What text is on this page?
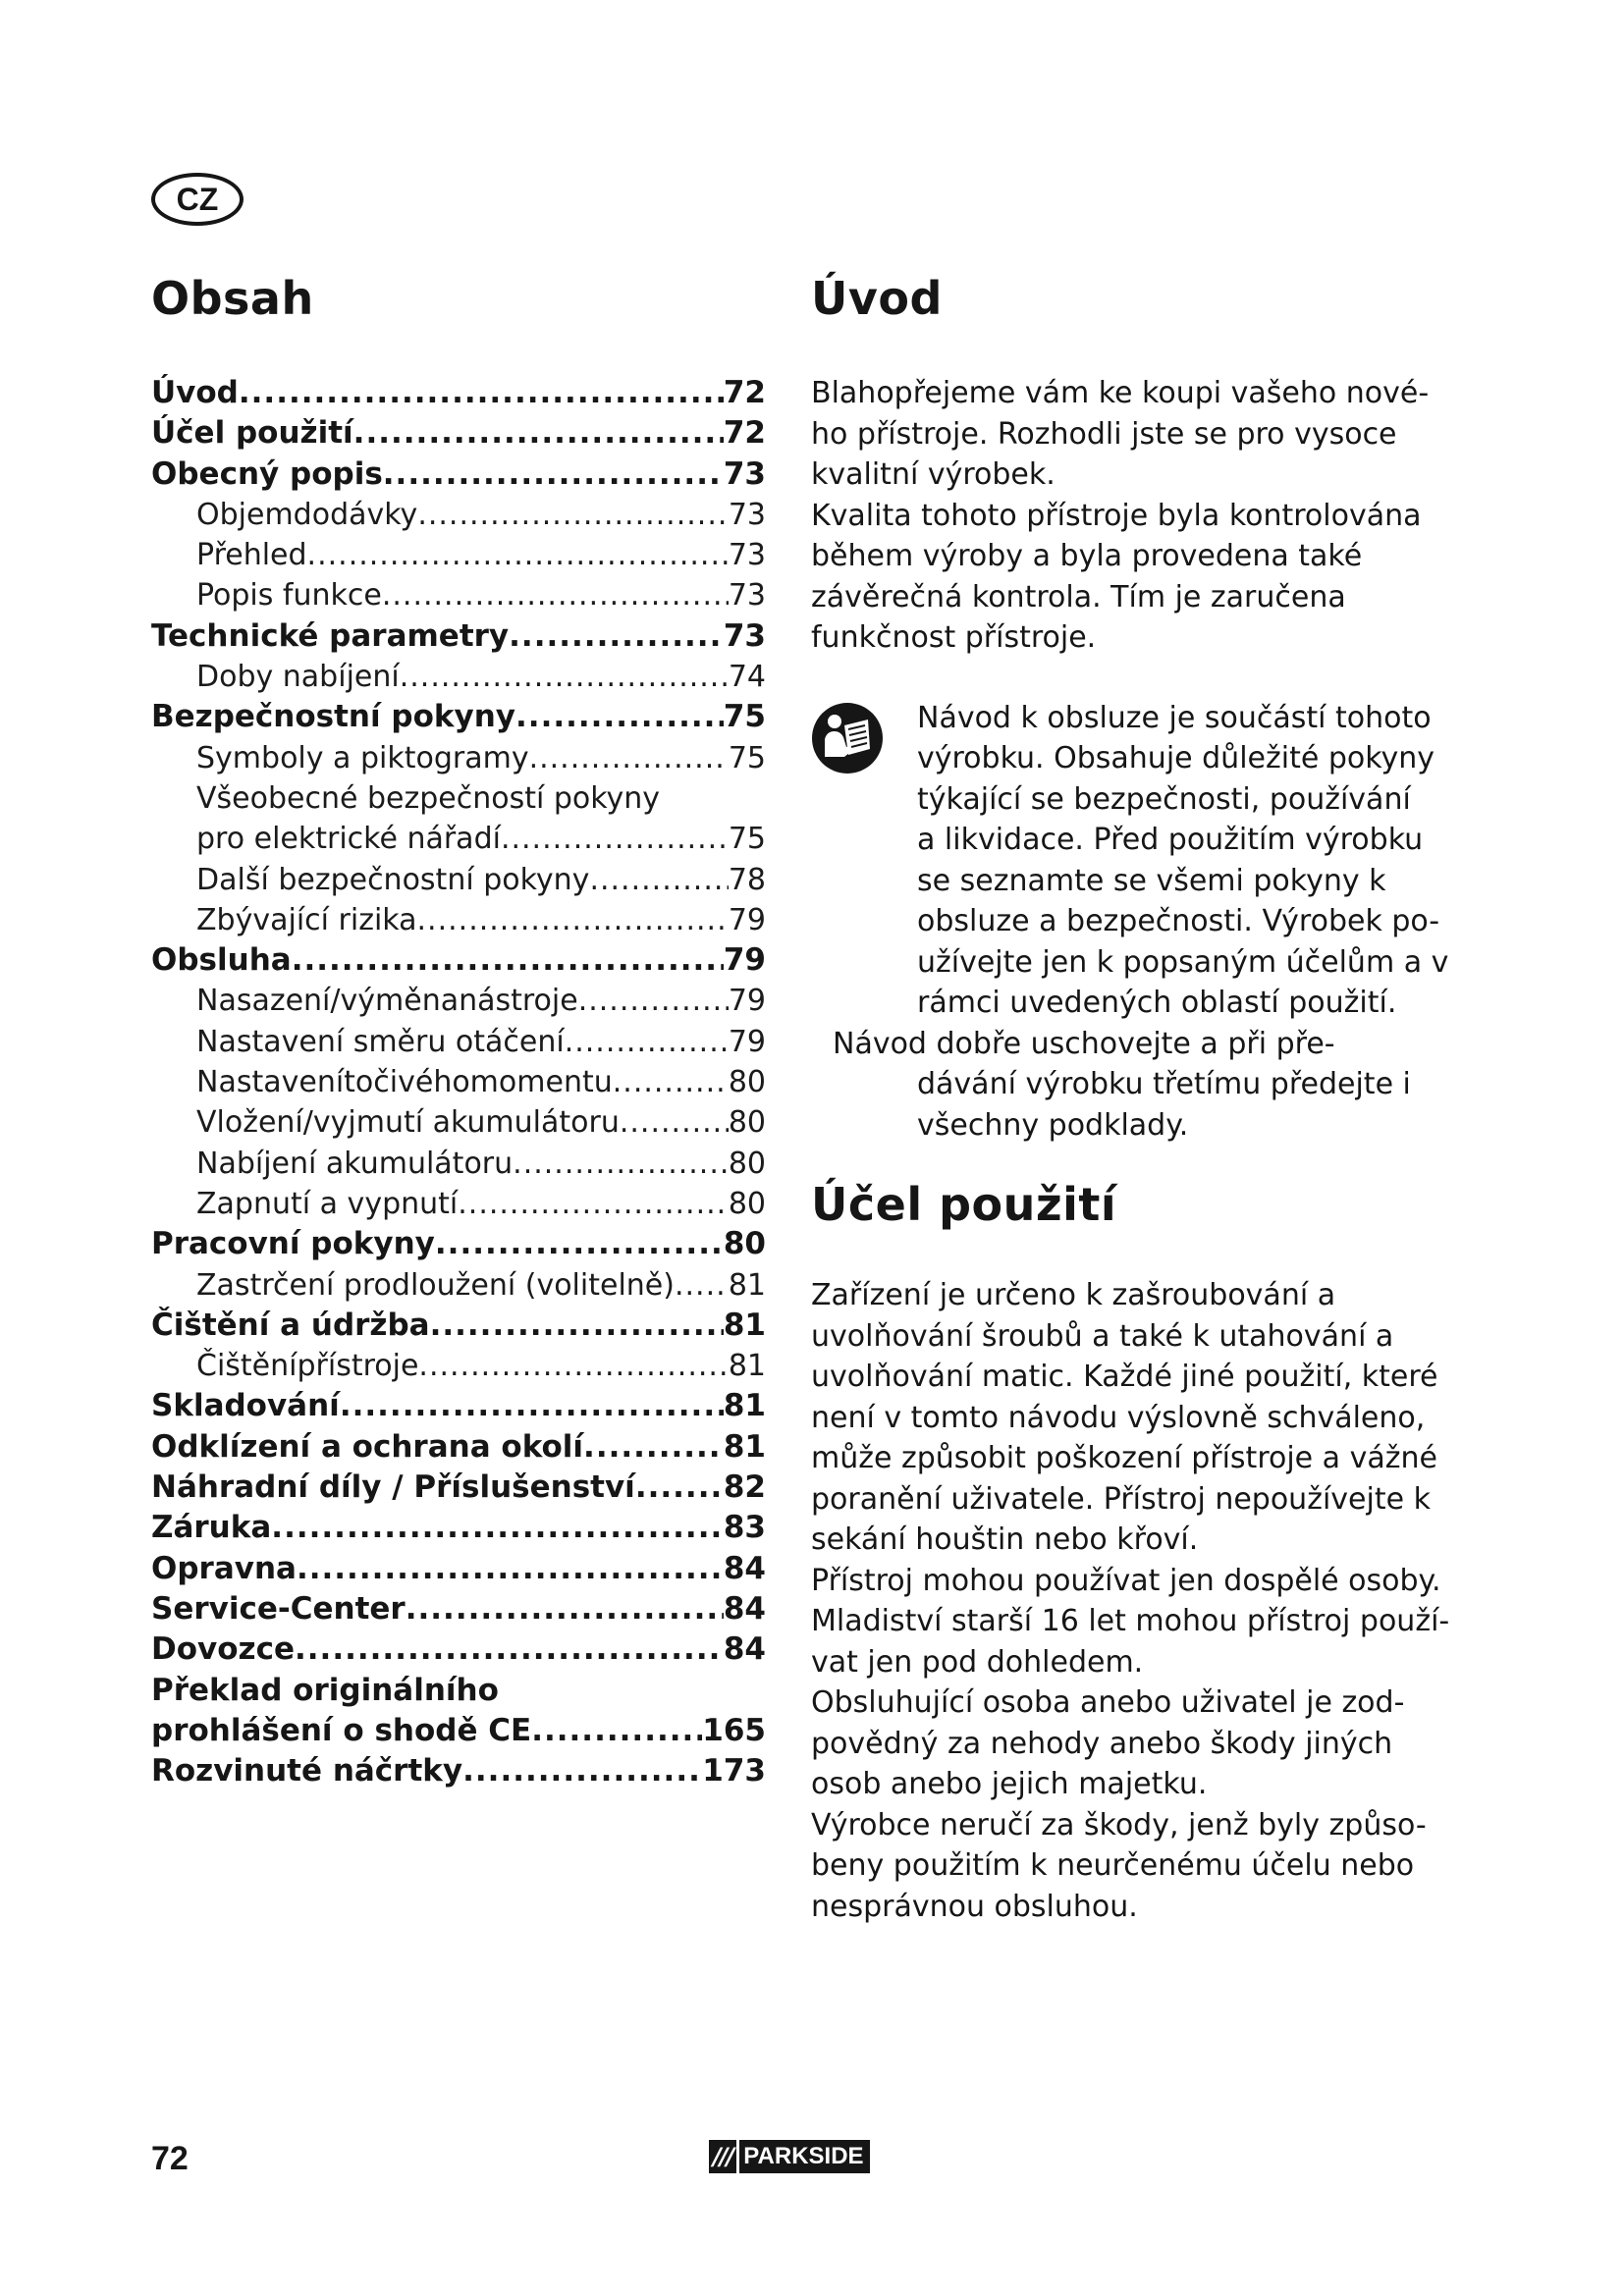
CZ
Obsah
Úvod .....	72
Účel použití .....	72
Obecný popis .....	73
Objemdodávky .....	73
Přehled .....	73
Popis funkce .....	73
Technické parametry .....	73
Doby nabíjení .....	74
Bezpečnostní pokyny .....	75
Symboly a piktogramy .....	75
Všeobecné bezpečností pokyny
pro elektrické nářadí .....	75
Další bezpečnostní pokyny .....	78
Zbývající rizika .....	79
Obsluha .....	79
Nasazení/výměnanástroje .....	79
Nastavení směru otáčení .....	79
Nastavenítočivéhomomentu .....	80
Vložení/vyjmutí akumulátoru .....	80
Nabíjení akumulátoru .....	80
Zapnutí a vypnutí .....	80
Pracovní pokyny .....	80
Zastrčení prodloužení (volitelně) ..... 81
Čištění a údržba .....	81
Čištěnípřístroje .....	81
Skladování .....	81
Odklízení a ochrana okolí .....	81
Náhradní díly / Příslušenství .....	82
Záruka .....	83
Opravna .....	84
Service-Center .....	84
Dovozce .....	84
Překlad originálního
prohlášení o shodě CE .....	165
Rozvinuté náčrtky .....	173
Úvod

Blahopřejeme vám ke koupi vašeho nové-
ho přístroje. Rozhodli jste se pro vysoce
kvalitní výrobek.
Kvalita tohoto přístroje byla kontrolována
během výroby a byla provedena také
závěrečná kontrola. Tím je zaručena
funkčnost přístroje.

Návod k obsluze je součástí tohoto
výrobku. Obsahuje důležité pokyny
týkající se bezpečnosti, používání
a likvidace. Před použitím výrobku
se seznamte se všemi pokyny k
obsluze a bezpečnosti. Výrobek po-
užívejte jen k popsaným účelům a v
rámci uvedených oblastí použití.
Návod dobře uschovejte a při pře-
dávání výrobku třetímu předejte i
všechny podklady.

Účel použití

Zařízení je určeno k zašroubování a
uvolňování šroubů a také k utahování a
uvolňování matic. Každé jiné použití, které
není v tomto návodu výslovně schváleno,
může způsobit poškození přístroje a vážné
poranění uživatele. Přístroj nepoužívejte k
sekání houštin nebo křoví.
Přístroj mohou používat jen dospělé osoby.
Mladiství starší 16 let mohou přístroj použí-
vat jen pod dohledem.
Obsluhující osoba anebo uživatel je zod-
povědný za nehody anebo škody jiných
osob anebo jejich majetku.
Výrobce neručí za škody, jenž byly způso-
beny použitím k neurčenému účelu nebo
nesprávnou obsluhou.

72	/// PARKSIDE
